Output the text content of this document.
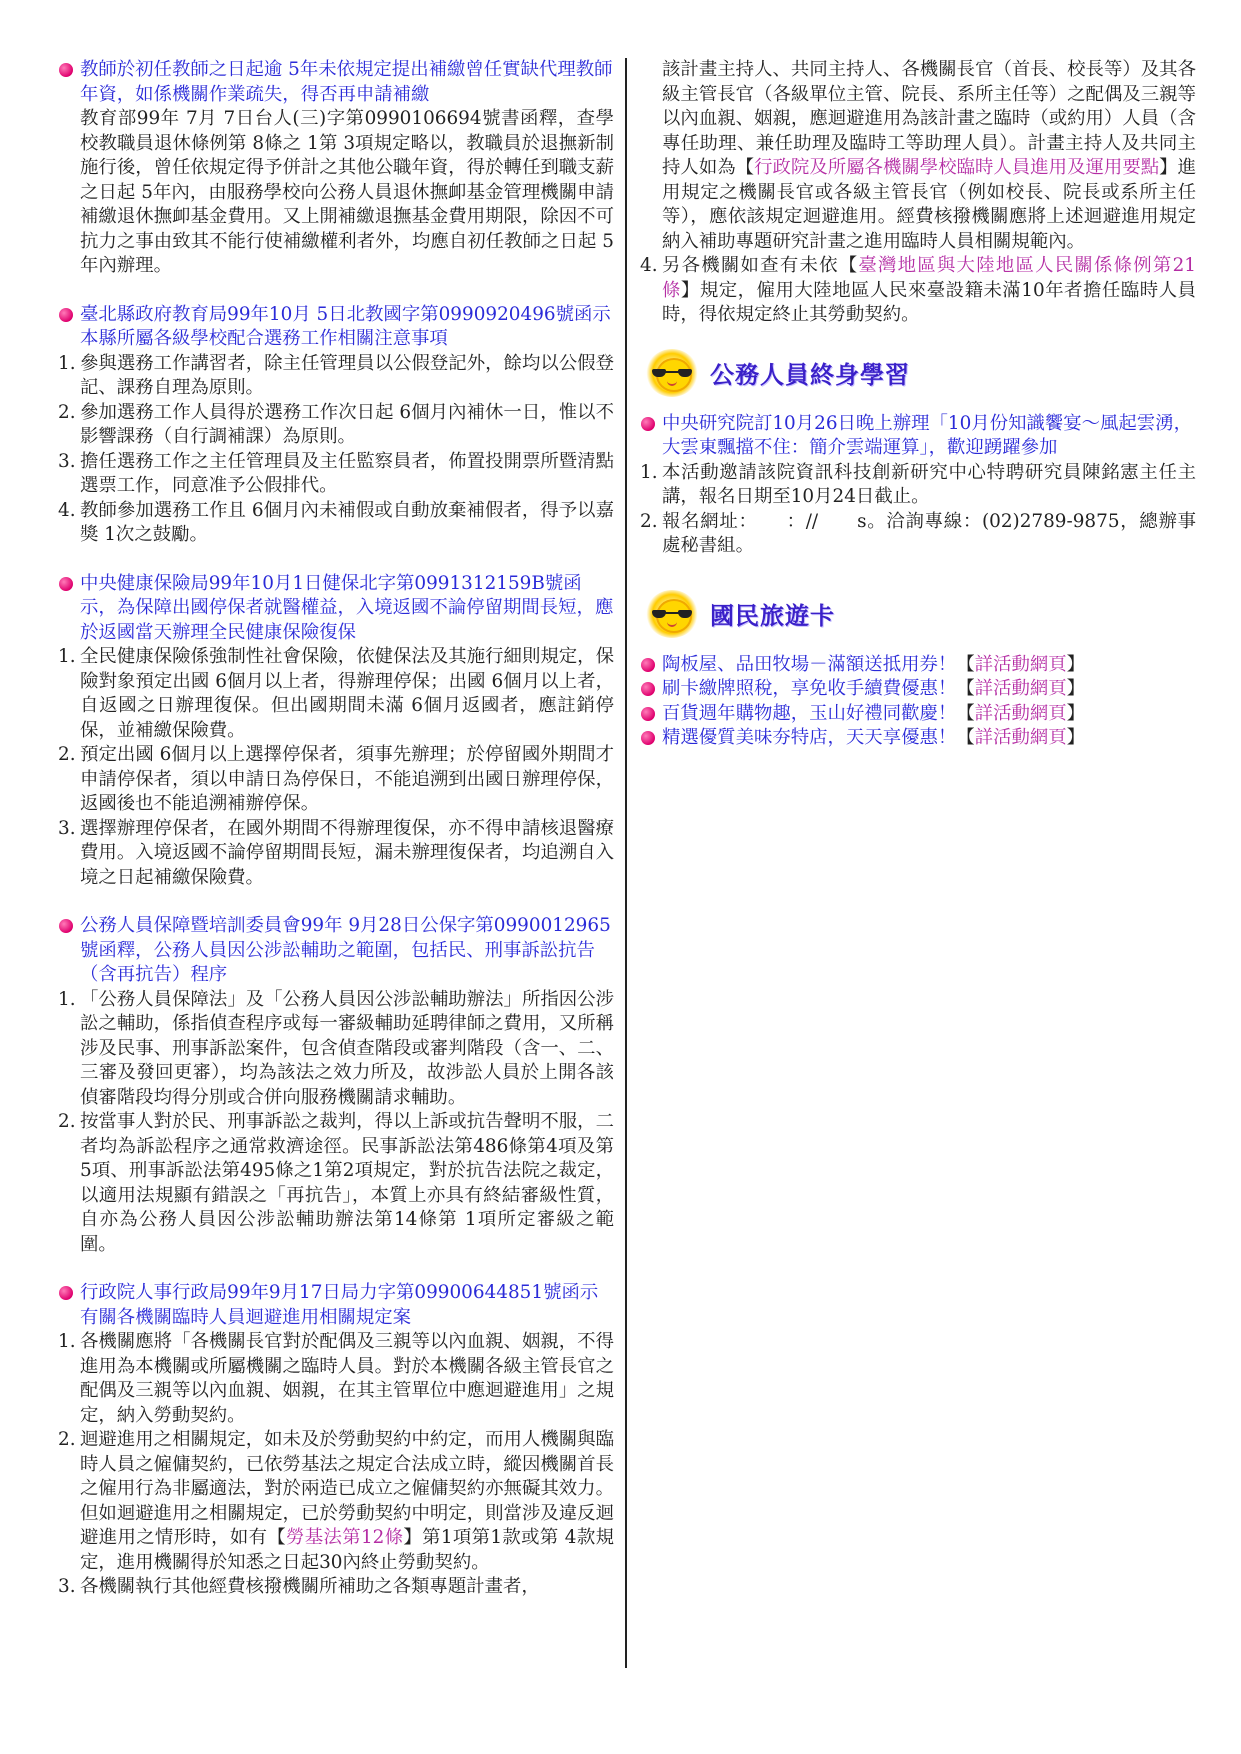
教師於初任教師之日起逾 5年未依規定提出補繳曾任實缺代理教師年資，如係機關作業疏失，得否再申請補繳
教育部99年 7月 7日台人(三)字第0990106694號書函釋，查學校教職員退休條例第 8條之 1第 3項規定略以，教職員於退撫新制施行後，曾任依規定得予併計之其他公職年資，得於轉任到職支薪之日起 5年內，由服務學校向公務人員退休撫卹基金管理機關申請補繳退休撫卹基金費用。又上開補繳退撫基金費用期限，除因不可抗力之事由致其不能行使補繳權利者外，均應自初任教師之日起 5年內辦理。
臺北縣政府教育局99年10月 5日北教國字第0990920496號函示本縣所屬各級學校配合選務工作相關注意事項
1. 參與選務工作講習者，除主任管理員以公假登記外，餘均以公假登記、課務自理為原則。
2. 參加選務工作人員得於選務工作次日起 6個月內補休一日，惟以不影響課務（自行調補課）為原則。
3. 擔任選務工作之主任管理員及主任監察員者，佈置投開票所暨清點選票工作，同意准予公假排代。
4. 教師參加選務工作且 6個月內未補假或自動放棄補假者，得予以嘉獎 1次之鼓勵。
中央健康保險局99年10月1日健保北字第0991312159B號函示，為保障出國停保者就醫權益，入境返國不論停留期間長短，應於返國當天辦理全民健康保險復保
1. 全民健康保險係強制性社會保險，依健保法及其施行細則規定，保險對象預定出國 6個月以上者，得辦理停保；出國 6個月以上者，自返國之日辦理復保。但出國期間未滿 6個月返國者，應註銷停保，並補繳保險費。
2. 預定出國 6個月以上選擇停保者，須事先辦理；於停留國外期間才申請停保者，須以申請日為停保日，不能追溯到出國日辦理停保，返國後也不能追溯補辦停保。
3. 選擇辦理停保者，在國外期間不得辦理復保，亦不得申請核退醫療費用。入境返國不論停留期間長短，漏未辦理復保者，均追溯自入境之日起補繳保險費。
公務人員保障暨培訓委員會99年 9月28日公保字第0990012965號函釋，公務人員因公涉訟輔助之範圍，包括民、刑事訴訟抗告（含再抗告）程序
1. 「公務人員保障法」及「公務人員因公涉訟輔助辦法」所指因公涉訟之輔助，係指偵查程序或每一審級輔助延聘律師之費用，又所稱涉及民事、刑事訴訟案件，包含偵查階段或審判階段（含一、二、三審及發回更審），均為該法之效力所及，故涉訟人員於上開各該偵審階段均得分別或合併向服務機關請求輔助。
2. 按當事人對於民、刑事訴訟之裁判，得以上訴或抗告聲明不服，二者均為訴訟程序之通常救濟途徑。民事訴訟法第486條第4項及第5項、刑事訴訟法第495條之1第2項規定，對於抗告法院之裁定，以適用法規顯有錯誤之「再抗告」，本質上亦具有終結審級性質，自亦為公務人員因公涉訟輔助辦法第14條第 1項所定審級之範圍。
行政院人事行政局99年9月17日局力字第09900644851號函示有關各機關臨時人員迴避進用相關規定案
1. 各機關應將「各機關長官對於配偶及三親等以內血親、姻親，不得進用為本機關或所屬機關之臨時人員。對於本機關各級主管長官之配偶及三親等以內血親、姻親，在其主管單位中應迴避進用」之規定，納入勞動契約。
2. 迴避進用之相關規定，如未及於勞動契約中約定，而用人機關與臨時人員之僱傭契約，已依勞基法之規定合法成立時，縱因機關首長之僱用行為非屬適法，對於兩造已成立之僱傭契約亦無礙其效力。但如迴避進用之相關規定，已於勞動契約中明定，則當涉及違反迴避進用之情形時，如有【勞基法第12條】第1項第1款或第 4款規定，進用機關得於知悉之日起30內終止勞動契約。
3. 各機關執行其他經費核撥機關所補助之各類專題計畫者，
該計畫主持人、共同主持人、各機關長官（首長、校長等）及其各級主管長官（各級單位主管、院長、系所主任等）之配偶及三親等以內血親、姻親，應迴避進用為該計畫之臨時（或約用）人員（含專任助理、兼任助理及臨時工等助理人員）。計畫主持人及共同主持人如為【行政院及所屬各機關學校臨時人員進用及運用要點】進用規定之機關長官或各級主管長官（例如校長、院長或系所主任等），應依該規定迴避進用。經費核撥機關應將上述迴避進用規定納入補助專題研究計畫之進用臨時人員相關規範內。
4. 另各機關如查有未依【臺灣地區與大陸地區人民關係條例第21條】規定，僱用大陸地區人民來臺設籍未滿10年者擔任臨時人員時，得依規定終止其勞動契約。
公務人員終身學習
中央研究院訂10月26日晚上辦理「10月份知識饗宴～風起雲湧，大雲東飄擋不住：簡介雲端運算」，歡迎踴躍參加
1. 本活動邀請該院資訊科技創新研究中心特聘研究員陳銘憲主任主講，報名日期至10月24日截止。
2. 報名網址：　　：//　　s。洽詢專線：(02)2789-9875，總辦事處秘書組。
國民旅遊卡
陶板屋、品田牧場－滿額送抵用券！【詳活動網頁】
刷卡繳牌照稅，享免收手續費優惠！【詳活動網頁】
百貨週年購物趣，玉山好禮同歡慶！【詳活動網頁】
精選優質美味夯特店，天天享優惠！【詳活動網頁】
